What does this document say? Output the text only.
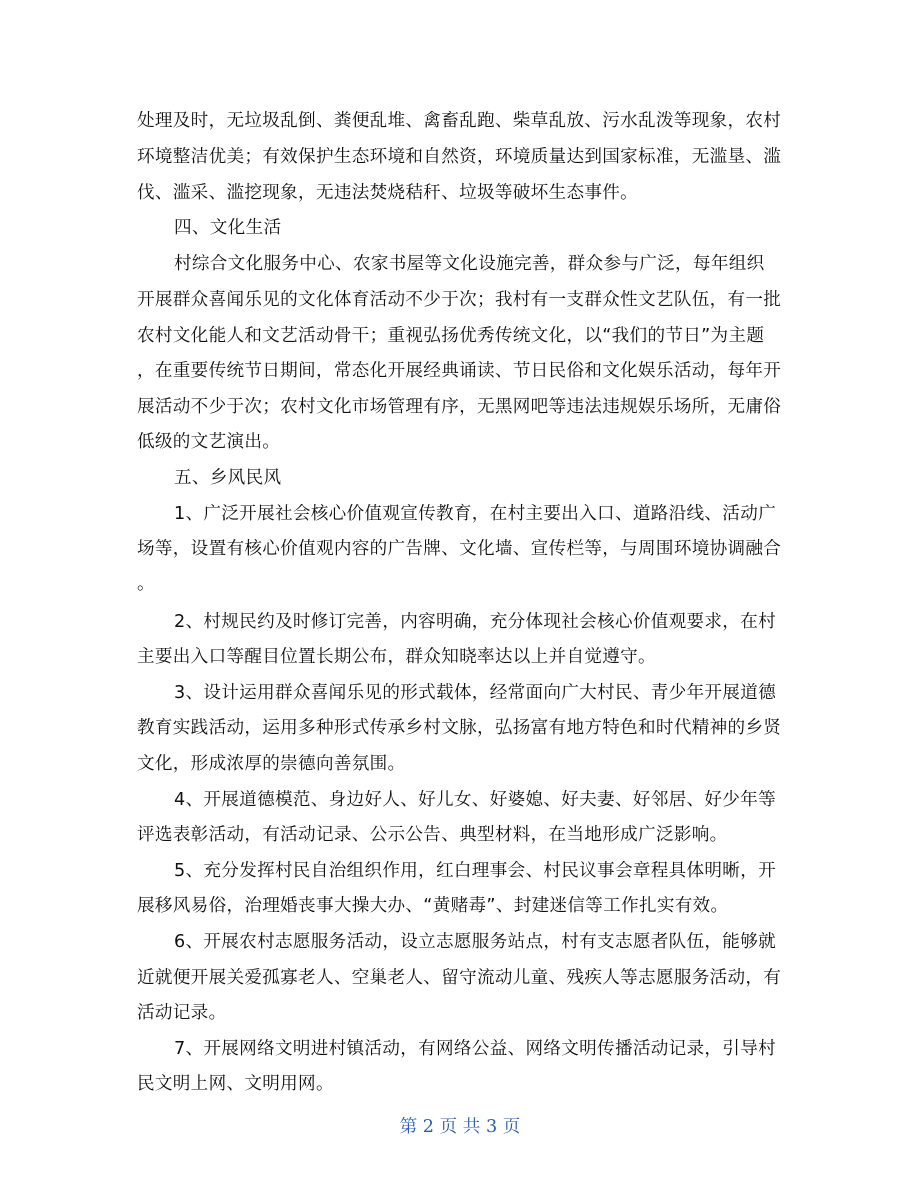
处理及时，无垃圾乱倒、粪便乱堆、禽畜乱跑、柴草乱放、污水乱泼等现象，农村
环境整洁优美；有效保护生态环境和自然资，环境质量达到国家标准，无滥垦、滥
伐、滥采、滥挖现象，无违法焚烧秸秆、垃圾等破坏生态事件。
四、文化生活
村综合文化服务中心、农家书屋等文化设施完善，群众参与广泛，每年组织
开展群众喜闻乐见的文化体育活动不少于次；我村有一支群众性文艺队伍，有一批
农村文化能人和文艺活动骨干；重视弘扬优秀传统文化，以“我们的节日”为主题
，在重要传统节日期间，常态化开展经典诵读、节日民俗和文化娱乐活动，每年开
展活动不少于次；农村文化市场管理有序，无黑网吧等违法违规娱乐场所，无庸俗
低级的文艺演出。
五、乡风民风
1、广泛开展社会核心价值观宣传教育，在村主要出入口、道路沿线、活动广
场等，设置有核心价值观内容的广告牌、文化墙、宣传栏等，与周围环境协调融合
。
2、村规民约及时修订完善，内容明确，充分体现社会核心价值观要求，在村
主要出入口等醒目位置长期公布，群众知晓率达以上并自觉遵守。
3、设计运用群众喜闻乐见的形式载体，经常面向广大村民、青少年开展道德
教育实践活动，运用多种形式传承乡村文脉，弘扬富有地方特色和时代精神的乡贤
文化，形成浓厚的崇德向善氛围。
4、开展道德模范、身边好人、好儿女、好婆媳、好夫妻、好邻居、好少年等
评选表彰活动，有活动记录、公示公告、典型材料，在当地形成广泛影响。
5、充分发挥村民自治组织作用，红白理事会、村民议事会章程具体明晰，开
展移风易俗，治理婚丧事大操大办、“黄赌毒”、封建迷信等工作扎实有效。
6、开展农村志愿服务活动，设立志愿服务站点，村有支志愿者队伍，能够就
近就便开展关爱孤寡老人、空巢老人、留守流动儿童、残疾人等志愿服务活动，有
活动记录。
7、开展网络文明进村镇活动，有网络公益、网络文明传播活动记录，引导村
民文明上网、文明用网。
第 2 页 共 3 页
